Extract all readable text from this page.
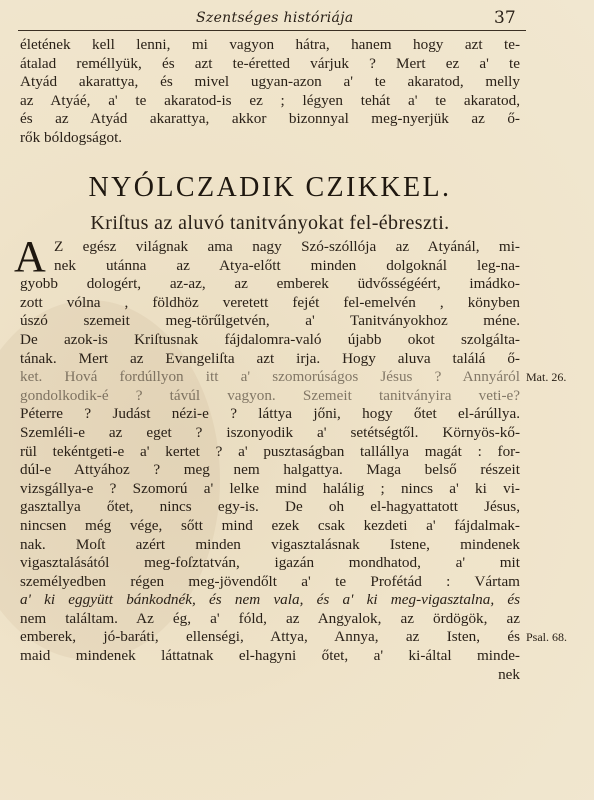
Szentséges históriája	37
életének kell lenni, mi vagyon hátra, hanem hogy azt te-
átalad reméllyük, és azt te-éretted várjuk ? Mert ez a' te
Atyád akarattya, és mivel ugyan-azon a' te akaratod, melly
az Atyáé, a' te akaratod-is ez ; légyen tehát a' te akaratod,
és az Atyád akarattya, akkor bizonnyal meg-nyerjük az ő-
rők bóldogságot.
NYÓLCZADIK CZIKKEL.
Kriſtus az aluvó tanitványokat fel-ébreszti.
A Z egész világnak ama nagy Szó-szóllója az Atyánál, mi-
nek utánna az Atya-előtt minden dolgoknál leg-na-
gyobb dologért, az-az, az emberek üdvősségéért, imádko-
zott vólna , földhöz veretett fejét fel-emelvén , könyben
úszó szemeit meg-törűlgetvén, a' Tanitványokhoz méne.
De azok-is Kriſtusnak fájdalomra-való újabb okot szolgálta-
tának. Mert az Evangeliſta azt irja. Hogy aluva találá ő-
ket. Hová fordúllyon itt a' szomorúságos Jésus ? Annyáról
gondolkodik-é ? távúl vagyon. Szemeit tanitványira veti-e?
Péterre ? Judást nézi-e ? láttya jőni, hogy őtet el-árúllya.
Szemléli-e az eget ? iszonyodik a' setétségtől. Környös-kő-
rül tekéntgeti-e a' kertet ? a' pusztaságban tallállya magát : for-
dúl-e Attyához ? meg nem halgattya. Maga belső részeit
vizsgállya-e ? Szomorú a' lelke mind halálig ; nincs a' ki vi-
gasztallya őtet, nincs egy-is. De oh el-hagyattatott Jésus,
nincsen még vége, sőtt mind ezek csak kezdeti a' fájdalmak-
nak. Moſt azért minden vigasztalásnak Istene, mindenek
vigasztalásától meg-foſztatván, igazán mondhatod, a' mit
személyedben régen meg-jövendőlt a' te Profétád : Vártam
a' ki eggyütt bánkodnék, és nem vala, és a' ki meg-vigasztalna, és
nem találtam. Az ég, a' fóld, az Angyalok, az ördögök, az
emberek, jó-baráti, ellenségi, Attya, Annya, az Isten, és
maid mindenek láttatnak el-hagyni őtet, a' ki-által minde-
nek
Mat. 26.
Psal. 68.
